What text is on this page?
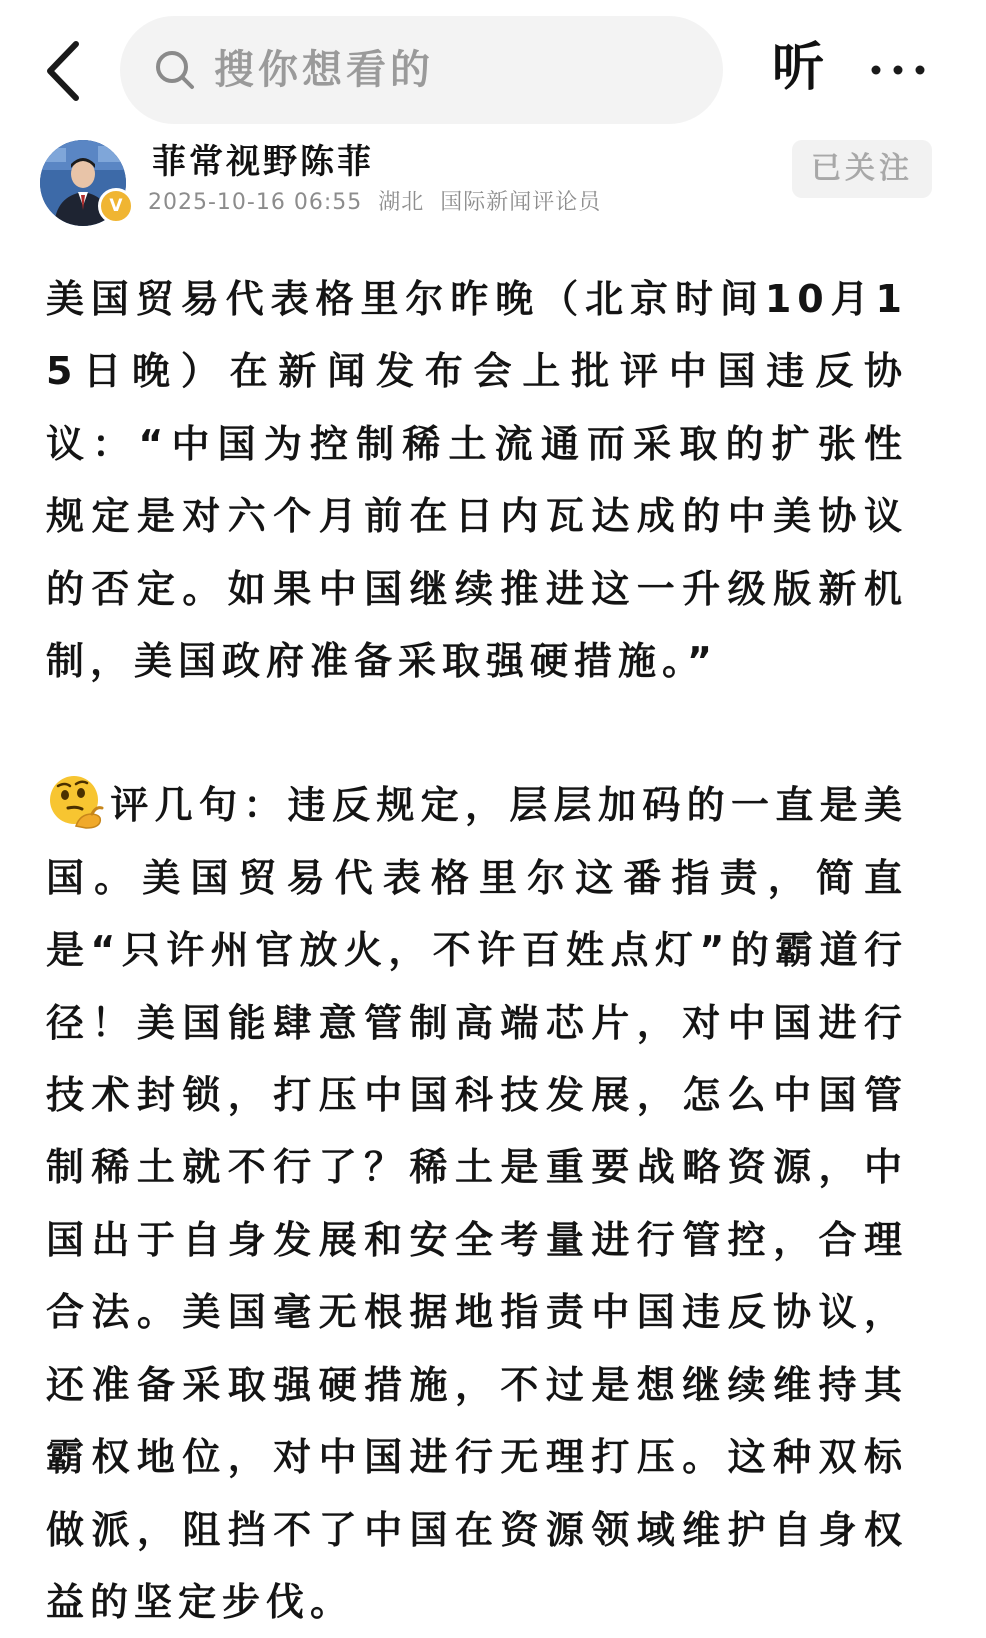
搜你想看的	听
V
菲常视野陈菲
2025-10-16 06:55 湖北 国际新闻评论员
已关注

美国贸易代表格里尔昨晚（北京时间10月15日晚）在新闻发布会上批评中国违反协议：“中国为控制稀土流通而采取的扩张性规定是对六个月前在日内瓦达成的中美协议的否定。如果中国继续推进这一升级版新机制，美国政府准备采取强硬措施。”

评几句：违反规定，层层加码的一直是美国。美国贸易代表格里尔这番指责，简直是“只许州官放火，不许百姓点灯”的霸道行径！美国能肆意管制高端芯片，对中国进行技术封锁，打压中国科技发展，怎么中国管制稀土就不行了？稀土是重要战略资源，中国出于自身发展和安全考量进行管控，合理合法。美国毫无根据地指责中国违反协议，还准备采取强硬措施，不过是想继续维持其霸权地位，对中国进行无理打压。这种双标做派，阻挡不了中国在资源领域维护自身权益的坚定步伐。
